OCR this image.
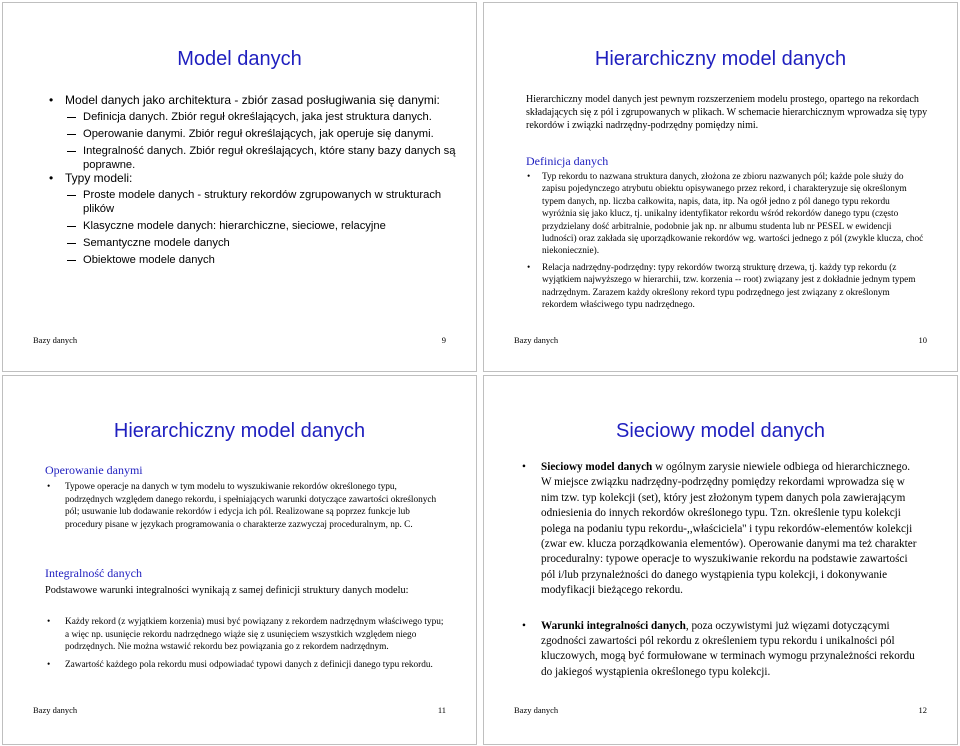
Model danych

• Model danych jako architektura - zbiór zasad posługiwania się danymi:

Definicja danych. Zbiór reguł określających, jaka jest struktura danych.

Operowanie danymi. Zbiór reguł określających, jak operuje się danymi.

Integralność danych. Zbiór reguł określających, które stany bazy danych są poprawne.

• Typy modeli:

Proste modele danych - struktury rekordów zgrupowanych w strukturach plików

Klasyczne modele danych: hierarchiczne, sieciowe, relacyjne

Semantyczne modele danych

Obiektowe modele danych

Bazy danych	9
Hierarchiczny model danych
Hierarchiczny model danych jest pewnym rozszerzeniem modelu prostego, opartego na rekordach składających się z pól i zgrupowanych w plikach. W schemacie hierarchicznym wprowadza się typy rekordów i związki nadrzędny-podrzędny pomiędzy nimi.
Definicja danych

• Typ rekordu to nazwana struktura danych, złożona ze zbioru nazwanych pól; każde pole służy do zapisu pojedynczego atrybutu obiektu opisywanego przez rekord, i charakteryzuje się określonym typem danych, np. liczba całkowita, napis, data, itp. Na ogół jedno z pól danego typu rekordu wyróżnia się jako klucz, tj. unikalny identyfikator rekordu wśród rekordów danego typu (często przydzielany dość arbitralnie, podobnie jak np. nr albumu studenta lub nr PESEL w ewidencji ludności) oraz zakłada się uporządkowanie rekordów wg. wartości jednego z pól (zwykle klucza, choć niekoniecznie).

• Relacja nadrzędny-podrzędny: typy rekordów tworzą strukturę drzewa, tj. każdy typ rekordu (z wyjątkiem najwyższego w hierarchii, tzw. korzenia -- root) związany jest z dokładnie jednym typem nadrzędnym. Zarazem każdy określony rekord typu podrzędnego jest związany z określonym rekordem właściwego typu nadrzędnego.

Bazy danych	10
Hierarchiczny model danych
Operowanie danymi

• Typowe operacje na danych w tym modelu to wyszukiwanie rekordów określonego typu, podrzędnych względem danego rekordu, i spełniających warunki dotyczące zawartości określonych pól; usuwanie lub dodawanie rekordów i edycja ich pól. Realizowane są poprzez funkcje lub procedury pisane w językach programowania o charakterze zazwyczaj proceduralnym, np. C.

Integralność danych
Podstawowe warunki integralności wynikają z samej definicji struktury danych modelu:

• Każdy rekord (z wyjątkiem korzenia) musi być powiązany z rekordem nadrzędnym właściwego typu; a więc np. usunięcie rekordu nadrzędnego wiąże się z usunięciem wszystkich względem niego podrzędnych. Nie można wstawić rekordu bez powiązania go z rekordem nadrzędnym.

• Zawartość każdego pola rekordu musi odpowiadać typowi danych z definicji danego typu rekordu.

Bazy danych	11
Sieciowy model danych

• Sieciowy model danych w ogólnym zarysie niewiele odbiega od hierarchicznego. W miejsce związku nadrzędny-podrzędny pomiędzy rekordami wprowadza się w nim tzw. typ kolekcji (set), który jest złożonym typem danych pola zawierającym odniesienia do innych rekordów określonego typu. Tzn. określenie typu kolekcji polega na podaniu typu rekordu-,,właściciela'' i typu rekordów-elementów kolekcji (zwar ew. klucza porządkowania elementów). Operowanie danymi ma też charakter proceduralny: typowe operacje to wyszukiwanie rekordu na podstawie zawartości pól i/lub przynależności do danego wystąpienia typu kolekcji, i dokonywanie modyfikacji bieżącego rekordu.

• Warunki integralności danych, poza oczywistymi już więzami dotyczącymi zgodności zawartości pól rekordu z określeniem typu rekordu i unikalności pól kluczowych, mogą być formułowane w terminach wymogu przynależności rekordu do jakiegoś wystąpienia określonego typu kolekcji.

Bazy danych	12
